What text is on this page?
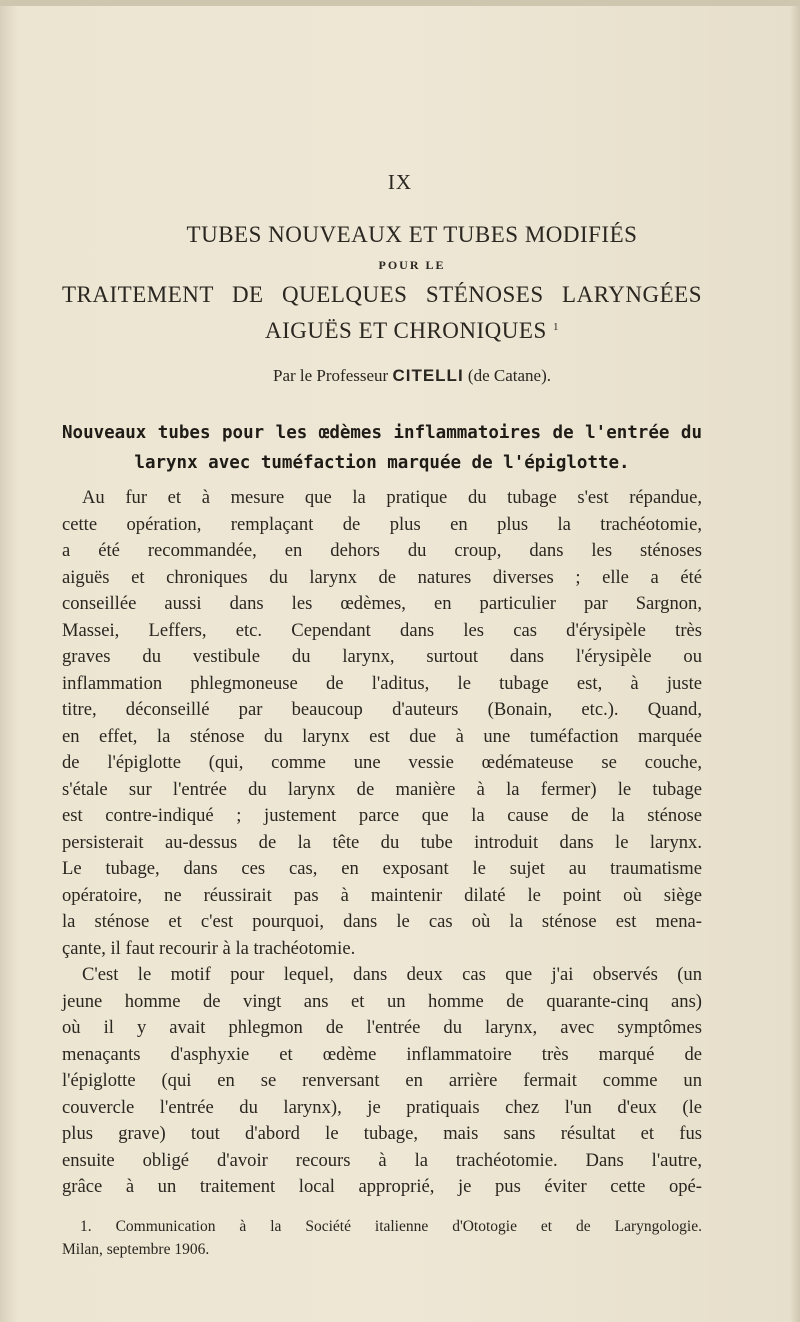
IX
TUBES NOUVEAUX ET TUBES MODIFIÉS
POUR LE
TRAITEMENT DE QUELQUES STÉNOSES LARYNGÉES
AIGUËS ET CHRONIQUES $^1$
Par le Professeur CITELLI (de Catane).
Nouveaux tubes pour les œdèmes inflammatoires de l'entrée du
larynx avec tuméfaction marquée de l'épiglotte.
Au fur et à mesure que la pratique du tubage s'est répandue,
cette opération, remplaçant de plus en plus la trachéotomie,
a été recommandée, en dehors du croup, dans les sténoses
aiguës et chroniques du larynx de natures diverses ; elle a été
conseillée aussi dans les œdèmes, en particulier par Sargnon,
Massei, Leffers, etc. Cependant dans les cas d'érysipèle très
graves du vestibule du larynx, surtout dans l'érysipèle ou
inflammation phlegmoneuse de l'aditus, le tubage est, à juste
titre, déconseillé par beaucoup d'auteurs (Bonain, etc.). Quand,
en effet, la sténose du larynx est due à une tuméfaction marquée
de l'épiglotte (qui, comme une vessie œdémateuse se couche,
s'étale sur l'entrée du larynx de manière à la fermer) le tubage
est contre-indiqué ; justement parce que la cause de la sténose
persisterait au-dessus de la tête du tube introduit dans le larynx.
Le tubage, dans ces cas, en exposant le sujet au traumatisme
opératoire, ne réussirait pas à maintenir dilaté le point où siège
la sténose et c'est pourquoi, dans le cas où la sténose est mena-
çante, il faut recourir à la trachéotomie.
C'est le motif pour lequel, dans deux cas que j'ai observés (un
jeune homme de vingt ans et un homme de quarante-cinq ans)
où il y avait phlegmon de l'entrée du larynx, avec symptômes
menaçants d'asphyxie et œdème inflammatoire très marqué de
l'épiglotte (qui en se renversant en arrière fermait comme un
couvercle l'entrée du larynx), je pratiquais chez l'un d'eux (le
plus grave) tout d'abord le tubage, mais sans résultat et fus
ensuite obligé d'avoir recours à la trachéotomie. Dans l'autre,
grâce à un traitement local approprié, je pus éviter cette opé-
1. Communication à la Société italienne d'Ototogie et de Laryngologie.
Milan, septembre 1906.
